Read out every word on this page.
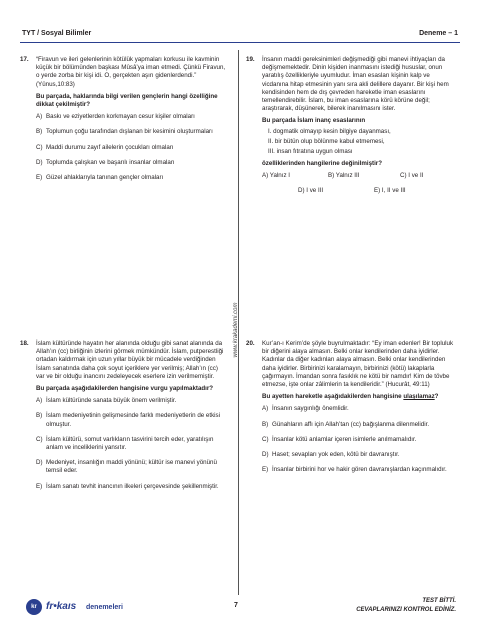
TYT / Sosyal Bilimler	Deneme – 1
www.krakademi.com
17. “Firavun ve ileri gelenlerinin kötülük yapmaları korkusu ile kavminin küçük bir bölümünden başkası Mûsâ’ya iman etmedi. Çünkü Firavun, o yerde zorba bir kişi idi. O, gerçekten aşırı gidenlerdendi.” (Yûnus,10:83)

Bu parçada, haklarında bilgi verilen gençlerin hangi özelliğine dikkat çekilmiştir?

A) Baskı ve eziyetlerden korkmayan cesur kişiler olmaları
B) Toplumun çoğu tarafından dışlanan bir kesimini oluşturmaları
C) Maddi durumu zayıf ailelerin çocukları olmaları
D) Toplumda çalışkan ve başarılı insanlar olmaları
E) Güzel ahlaklarıyla tanınan gençler olmaları
18. İslam kültüründe hayatın her alanında olduğu gibi sanat alanında da Allah’ın (cc) birliğinin izlerini görmek mümkündür. İslam, putperestliği ortadan kaldırmak için uzun yıllar büyük bir mücadele verdiğinden İslam sanatında daha çok soyut içeriklere yer verilmiş; Allah’ın (cc) var ve bir olduğu inancını zedeleyecek eserlere izin verilmemiştir.

Bu parçada aşağıdakilerden hangisine vurgu yapılmaktadır?

A) İslam kültüründe sanata büyük önem verilmiştir.
B) İslam medeniyetinin gelişmesinde farklı medeniyetlerin de etkisi olmuştur.
C) İslam kültürü, somut varlıkların tasvirini tercih eder, yaratılışın anlam ve inceliklerini yansıtır.
D) Medeniyet, insanlığın maddi yönünü; kültür ise manevi yönünü temsil eder.
E) İslam sanatı tevhit inancının ilkeleri çerçevesinde şekillenmiştir.
19. İnsanın maddi gereksinimleri değişmediği gibi manevi ihtiyaçları da değişmemektedir. Dinin kişiden inanmasını istediği hususlar, onun yaratılış özellikleriyle uyumludur. İman esasları kişinin kalp ve vicdanına hitap etmesinin yanı sıra akli delillere dayanır. Bir kişi hem kendisinden hem de dış çevreden hareketle iman esaslarını temellendirebilir. İslam, bu iman esaslarına körü körüne değil; araştırarak, düşünerek, bilerek inanılmasını ister.

Bu parçada İslam inanç esaslarının

I. dogmatik olmayıp kesin bilgiye dayanması,
II. bir bütün olup bölünme kabul etmemesi,
III. insan fıtratına uygun olması

özelliklerinden hangilerine değinilmiştir?

A) Yalnız I	B) Yalnız III	C) I ve II
D) I ve III	E) I, II ve III
20. Kur’an-ı Kerim’de şöyle buyrulmaktadır: “Ey iman edenler! Bir topluluk bir diğerini alaya almasın. Belki onlar kendilerinden daha iyidirler. Kadınlar da diğer kadınları alaya almasın. Belki onlar kendilerinden daha iyidirler. Birbirinizi karalamayın, birbirinizi (kötü) lakaplarla çağırmayın. İmandan sonra fasıklık ne kötü bir namdır! Kim de tövbe etmezse, işte onlar zâlimlerin ta kendileridir.” (Hucurât, 49:11)

Bu ayetten hareketle aşağıdakilerden hangisine ulaşılamaz?

A) İnsanın saygınlığı önemlidir.
B) Günahların affı için Allah’tan (cc) bağışlanma dilenmelidir.
C) İnsanlar kötü anlamlar içeren isimlerle anılmamalıdır.
D) Haset; sevapları yok eden, kötü bir davranıştır.
E) İnsanlar birbirini hor ve hakir gören davranışlardan kaçınmalıdır.
kr fr•kaıs denemeleri	7
TEST BİTTİ.
CEVAPLARINIZI KONTROL EDİNİZ.
